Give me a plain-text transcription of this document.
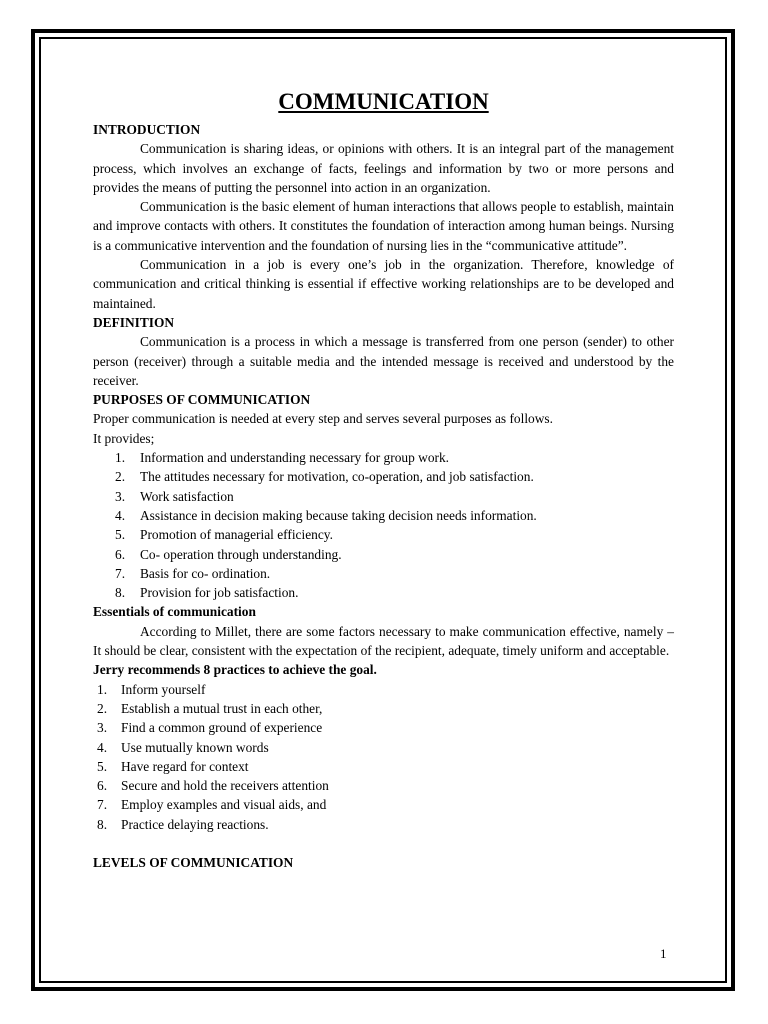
COMMUNICATION
INTRODUCTION

Communication is sharing ideas, or opinions with others. It is an integral part of the management process, which involves an exchange of facts, feelings and information by two or more persons and provides the means of putting the personnel into action in an organization.

Communication is the basic element of human interactions that allows people to establish, maintain and improve contacts with others. It constitutes the foundation of interaction among human beings. Nursing is a communicative intervention and the foundation of nursing lies in the “communicative attitude”.

Communication in a job is every one’s job in the organization. Therefore, knowledge of communication and critical thinking is essential if effective working relationships are to be developed and maintained.

DEFINITION

Communication is a process in which a message is transferred from one person (sender) to other person (receiver) through a suitable media and the intended message is received and understood by the receiver.

PURPOSES OF COMMUNICATION

Proper communication is needed at every step and serves several purposes as follows.

It provides;

1. Information and understanding necessary for group work.
2. The attitudes necessary for motivation, co-operation, and job satisfaction.
3. Work satisfaction
4. Assistance in decision making because taking decision needs information.
5. Promotion of managerial efficiency.
6. Co- operation through understanding.
7. Basis for co- ordination.
8. Provision for job satisfaction.
Essentials of communication

According to Millet, there are some factors necessary to make communication effective, namely – It should be clear, consistent with the expectation of the recipient, adequate, timely uniform and acceptable.

Jerry recommends 8 practices to achieve the goal.
1. Inform yourself
2. Establish a mutual trust in each other,
3. Find a common ground of experience
4. Use mutually known words
5. Have regard for context
6. Secure and hold the receivers attention
7. Employ examples and visual aids, and
8. Practice delaying reactions.
LEVELS OF COMMUNICATION
1
